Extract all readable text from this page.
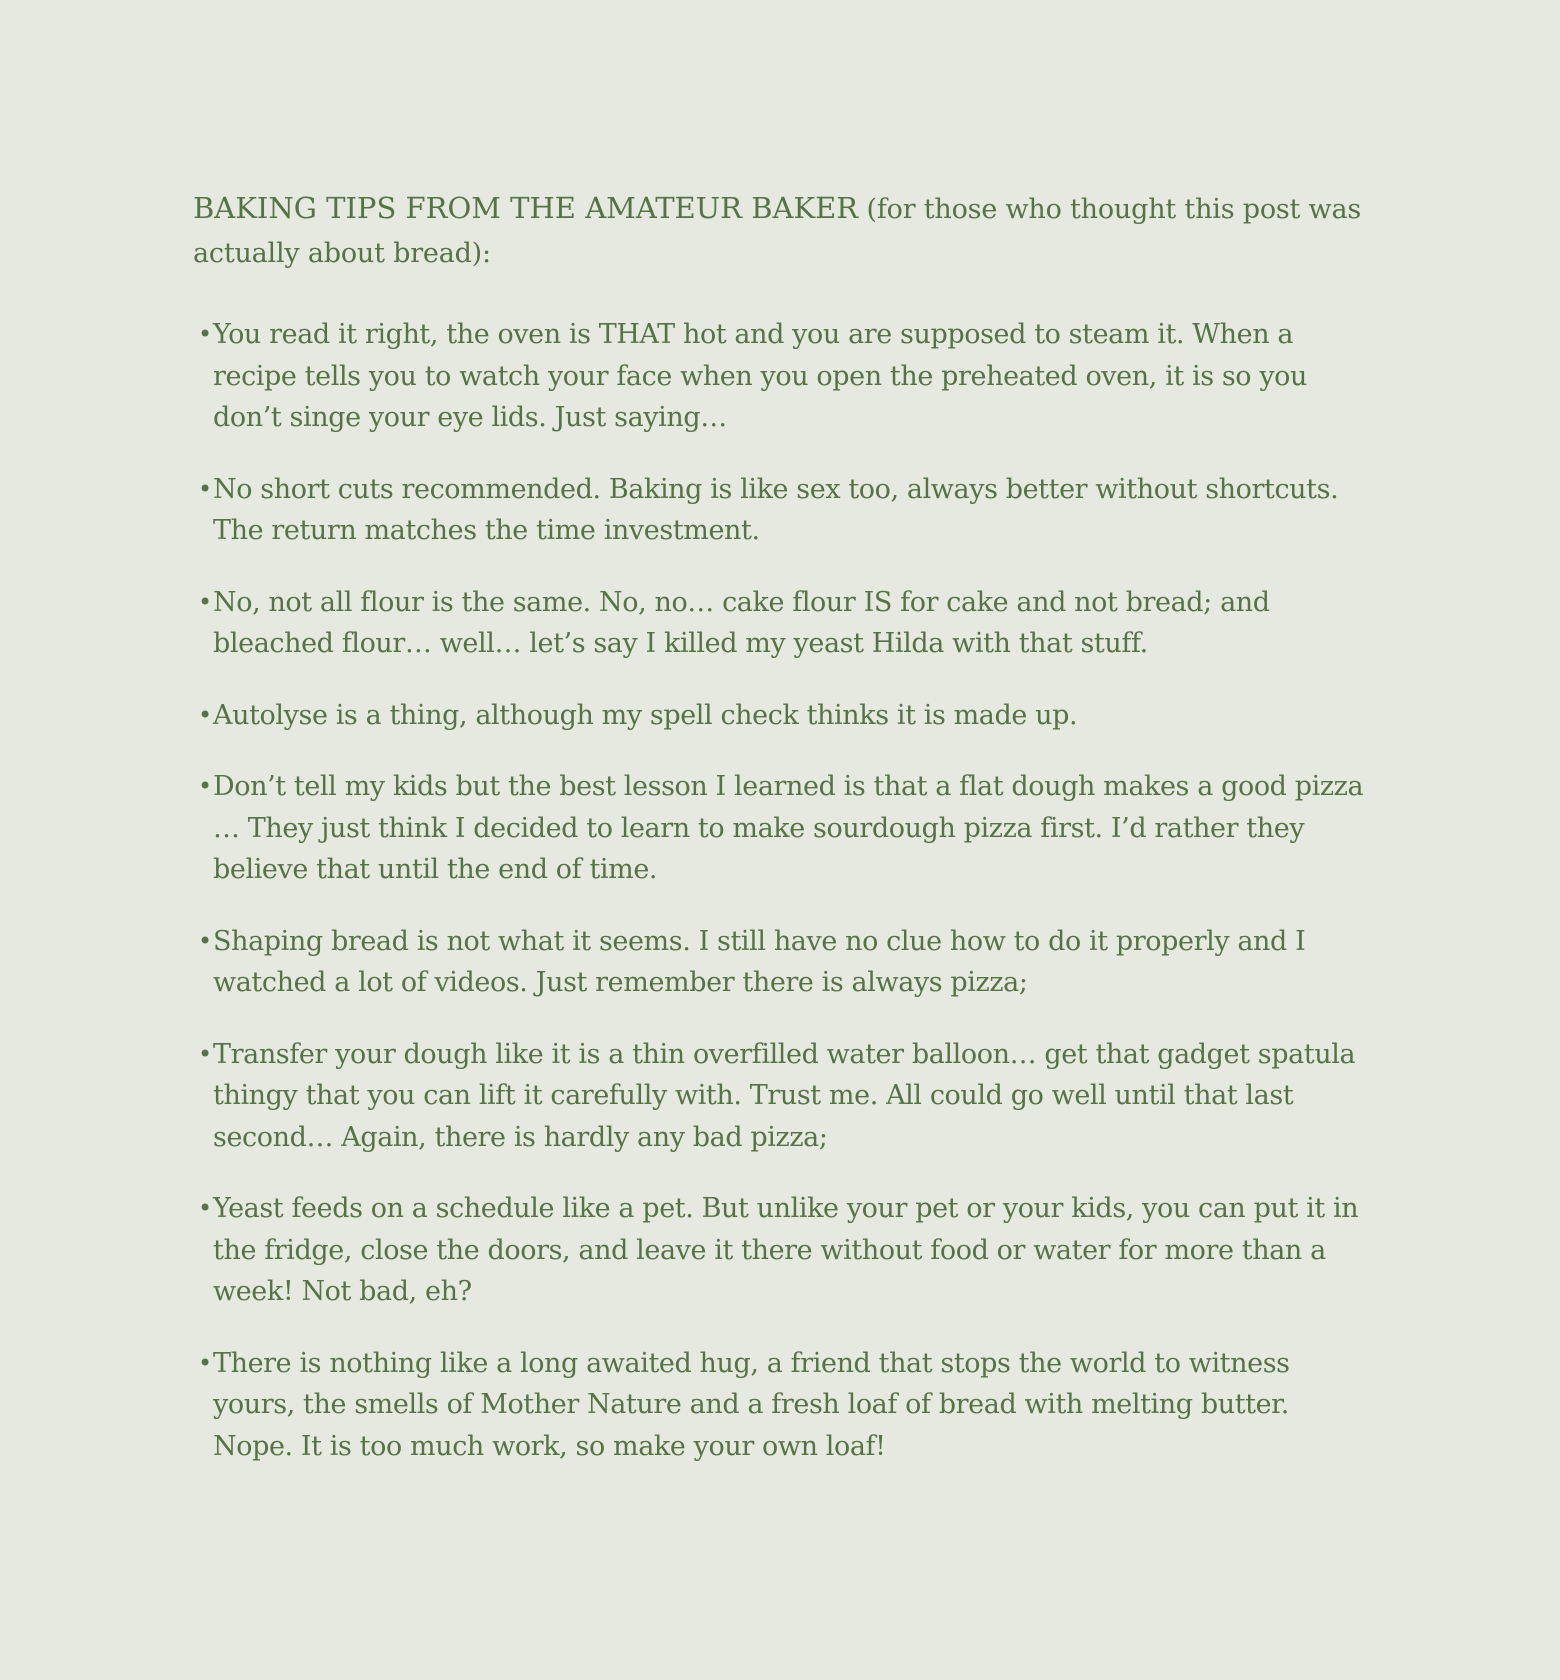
BAKING TIPS FROM THE AMATEUR BAKER (for those who thought this post was actually about bread):

• You read it right, the oven is THAT hot and you are supposed to steam it. When a recipe tells you to watch your face when you open the preheated oven, it is so you don’t singe your eye lids. Just saying…
• No short cuts recommended. Baking is like sex too, always better without shortcuts. The return matches the time investment.
• No, not all flour is the same. No, no… cake flour IS for cake and not bread; and bleached flour… well… let’s say I killed my yeast Hilda with that stuff.
• Autolyse is a thing, although my spell check thinks it is made up.
• Don’t tell my kids but the best lesson I learned is that a flat dough makes a good pizza … They just think I decided to learn to make sourdough pizza first. I’d rather they believe that until the end of time.
• Shaping bread is not what it seems. I still have no clue how to do it properly and I watched a lot of videos. Just remember there is always pizza;
• Transfer your dough like it is a thin overfilled water balloon… get that gadget spatula thingy that you can lift it carefully with. Trust me. All could go well until that last second… Again, there is hardly any bad pizza;
• Yeast feeds on a schedule like a pet. But unlike your pet or your kids, you can put it in the fridge, close the doors, and leave it there without food or water for more than a week! Not bad, eh?
• There is nothing like a long awaited hug, a friend that stops the world to witness yours, the smells of Mother Nature and a fresh loaf of bread with melting butter. Nope. It is too much work, so make your own loaf!
